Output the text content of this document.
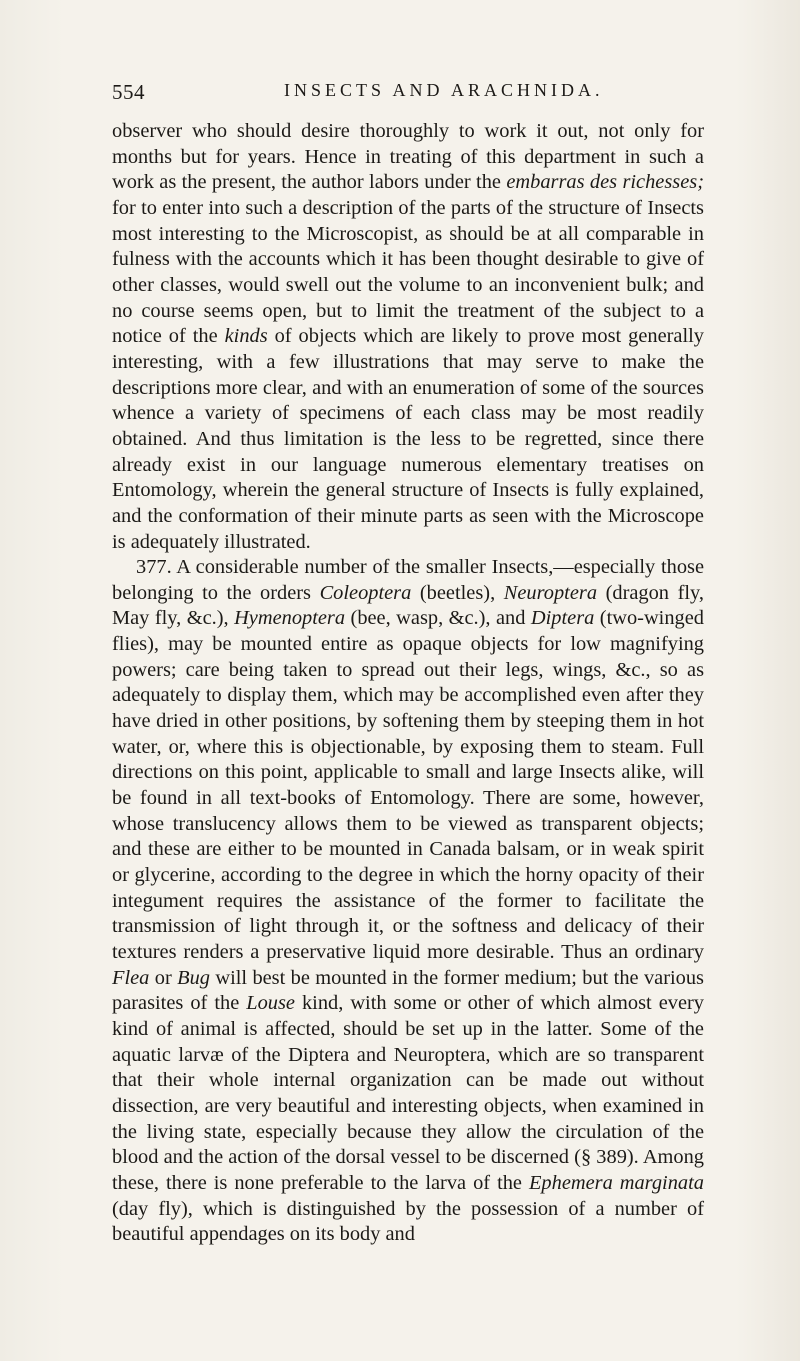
554	INSECTS AND ARACHNIDA.

observer who should desire thoroughly to work it out, not only for months but for years. Hence in treating of this department in such a work as the present, the author labors under the embarras des richesses; for to enter into such a description of the parts of the structure of Insects most interesting to the Microscopist, as should be at all comparable in fulness with the accounts which it has been thought desirable to give of other classes, would swell out the volume to an inconvenient bulk; and no course seems open, but to limit the treatment of the subject to a notice of the kinds of objects which are likely to prove most generally interesting, with a few illustrations that may serve to make the descriptions more clear, and with an enumeration of some of the sources whence a variety of specimens of each class may be most readily obtained. And thus limitation is the less to be regretted, since there already exist in our language numerous elementary treatises on Entomology, wherein the general structure of Insects is fully explained, and the conformation of their minute parts as seen with the Microscope is adequately illustrated.

377. A considerable number of the smaller Insects,—especially those belonging to the orders Coleoptera (beetles), Neuroptera (dragon fly, May fly, &c.), Hymenoptera (bee, wasp, &c.), and Diptera (two-winged flies), may be mounted entire as opaque objects for low magnifying powers; care being taken to spread out their legs, wings, &c., so as adequately to display them, which may be accomplished even after they have dried in other positions, by softening them by steeping them in hot water, or, where this is objectionable, by exposing them to steam. Full directions on this point, applicable to small and large Insects alike, will be found in all text-books of Entomology. There are some, however, whose translucency allows them to be viewed as transparent objects; and these are either to be mounted in Canada balsam, or in weak spirit or glycerine, according to the degree in which the horny opacity of their integument requires the assistance of the former to facilitate the transmission of light through it, or the softness and delicacy of their textures renders a preservative liquid more desirable. Thus an ordinary Flea or Bug will best be mounted in the former medium; but the various parasites of the Louse kind, with some or other of which almost every kind of animal is affected, should be set up in the latter. Some of the aquatic larvæ of the Diptera and Neuroptera, which are so transparent that their whole internal organization can be made out without dissection, are very beautiful and interesting objects, when examined in the living state, especially because they allow the circulation of the blood and the action of the dorsal vessel to be discerned (§ 389). Among these, there is none preferable to the larva of the Ephemera marginata (day fly), which is distinguished by the possession of a number of beautiful appendages on its body and
